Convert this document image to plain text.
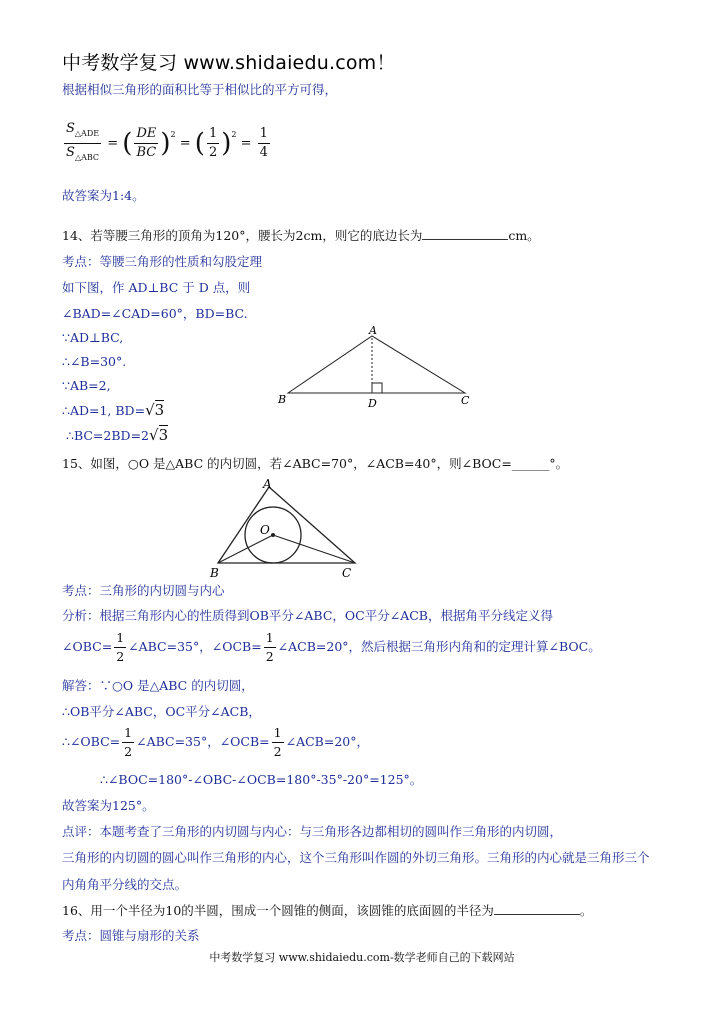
中考数学复习 www.shidaiedu.com！
根据相似三角形的面积比等于相似比的平方可得，
$\frac{S_{\triangle ADE}}{S_{\triangle ABC}}$ = ( $\frac{DE}{BC} )^2$ = ( $\frac{1}{2} )^2 = \frac{1}{4}$
故答案为1:4。
14、若等腰三角形的顶角为120°，腰长为2cm，则它的底边长为	cm。
考点：等腰三角形的性质和勾股定理
如下图，作 AD⊥BC 于 D 点，则
∠BAD=∠CAD=60°，BD=BC.
∵AD⊥BC,
∴∠B=30°.
∵AB=2,
∴AD=1, BD=√3
∴BC=2BD=2√3
A
B	D	C
15、如图，○O 是△ABC 的内切圆，若∠ABC=70°，∠ACB=40°，则∠BOC=______°。
A
O
B	C
考点：三角形的内切圆与内心
分析：根据三角形内心的性质得到OB平分∠ABC，OC平分∠ACB，根据角平分线定义得
∠OBC= $\frac{1}{2}$ ∠ABC=35°，∠OCB= $\frac{1}{2}$ ∠ACB=20°，然后根据三角形内角和的定理计算∠BOC。
解答：∵○O 是△ABC 的内切圆，
∴OB平分∠ABC，OC平分∠ACB，
∴∠OBC= $\frac{1}{2}$ ∠ABC=35°，∠OCB= $\frac{1}{2}$ ∠ACB=20°，
∴∠BOC=180°-∠OBC-∠OCB=180°-35°-20°=125°。
故答案为125°。
点评：本题考查了三角形的内切圆与内心：与三角形各边都相切的圆叫作三角形的内切圆，
三角形的内切圆的圆心叫作三角形的内心，这个三角形叫作圆的外切三角形。三角形的内心就是三角形三个
内角角平分线的交点。
16、用一个半径为10的半圆，围成一个圆锥的侧面，该圆锥的底面圆的半径为	。
考点：圆锥与扇形的关系
中考数学复习 www.shidaiedu.com-数学老师自己的下载网站
